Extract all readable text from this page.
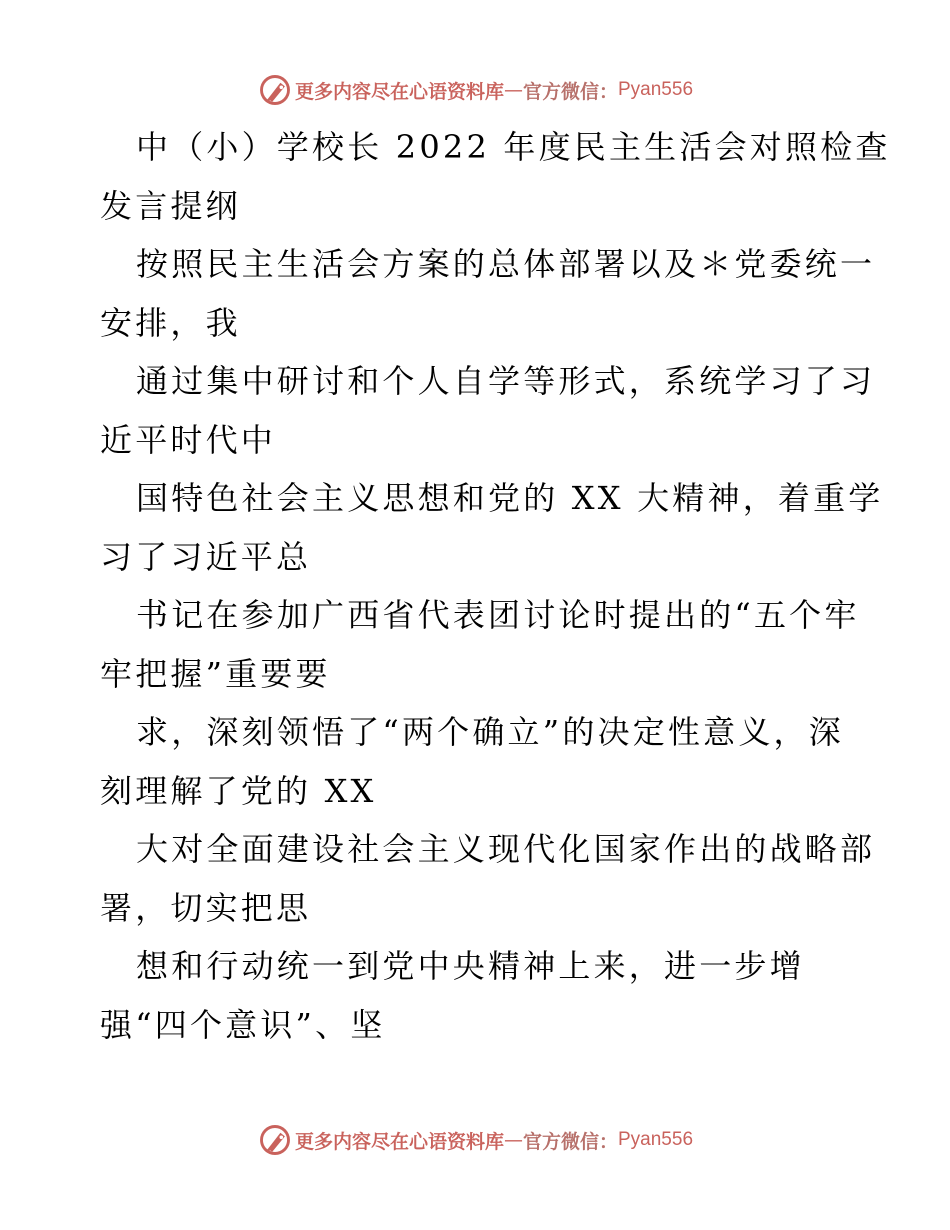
更多内容尽在心语资料库 — 官方微信： Pyan556
中（小）学校长 2022 年度民主生活会对照检查
发言提纲
按照民主生活会方案的总体部署以及＊党委统一
安排，我
通过集中研讨和个人自学等形式，系统学习了习
近平时代中
国特色社会主义思想和党的 XX 大精神，着重学
习了习近平总
书记在参加广西省代表团讨论时提出的“五个牢
牢把握”重要要
求，深刻领悟了“两个确立”的决定性意义，深
刻理解了党的 XX
大对全面建设社会主义现代化国家作出的战略部
署，切实把思
想和行动统一到党中央精神上来，进一步增
强“四个意识”、坚
更多内容尽在心语资料库 — 官方微信： Pyan556
